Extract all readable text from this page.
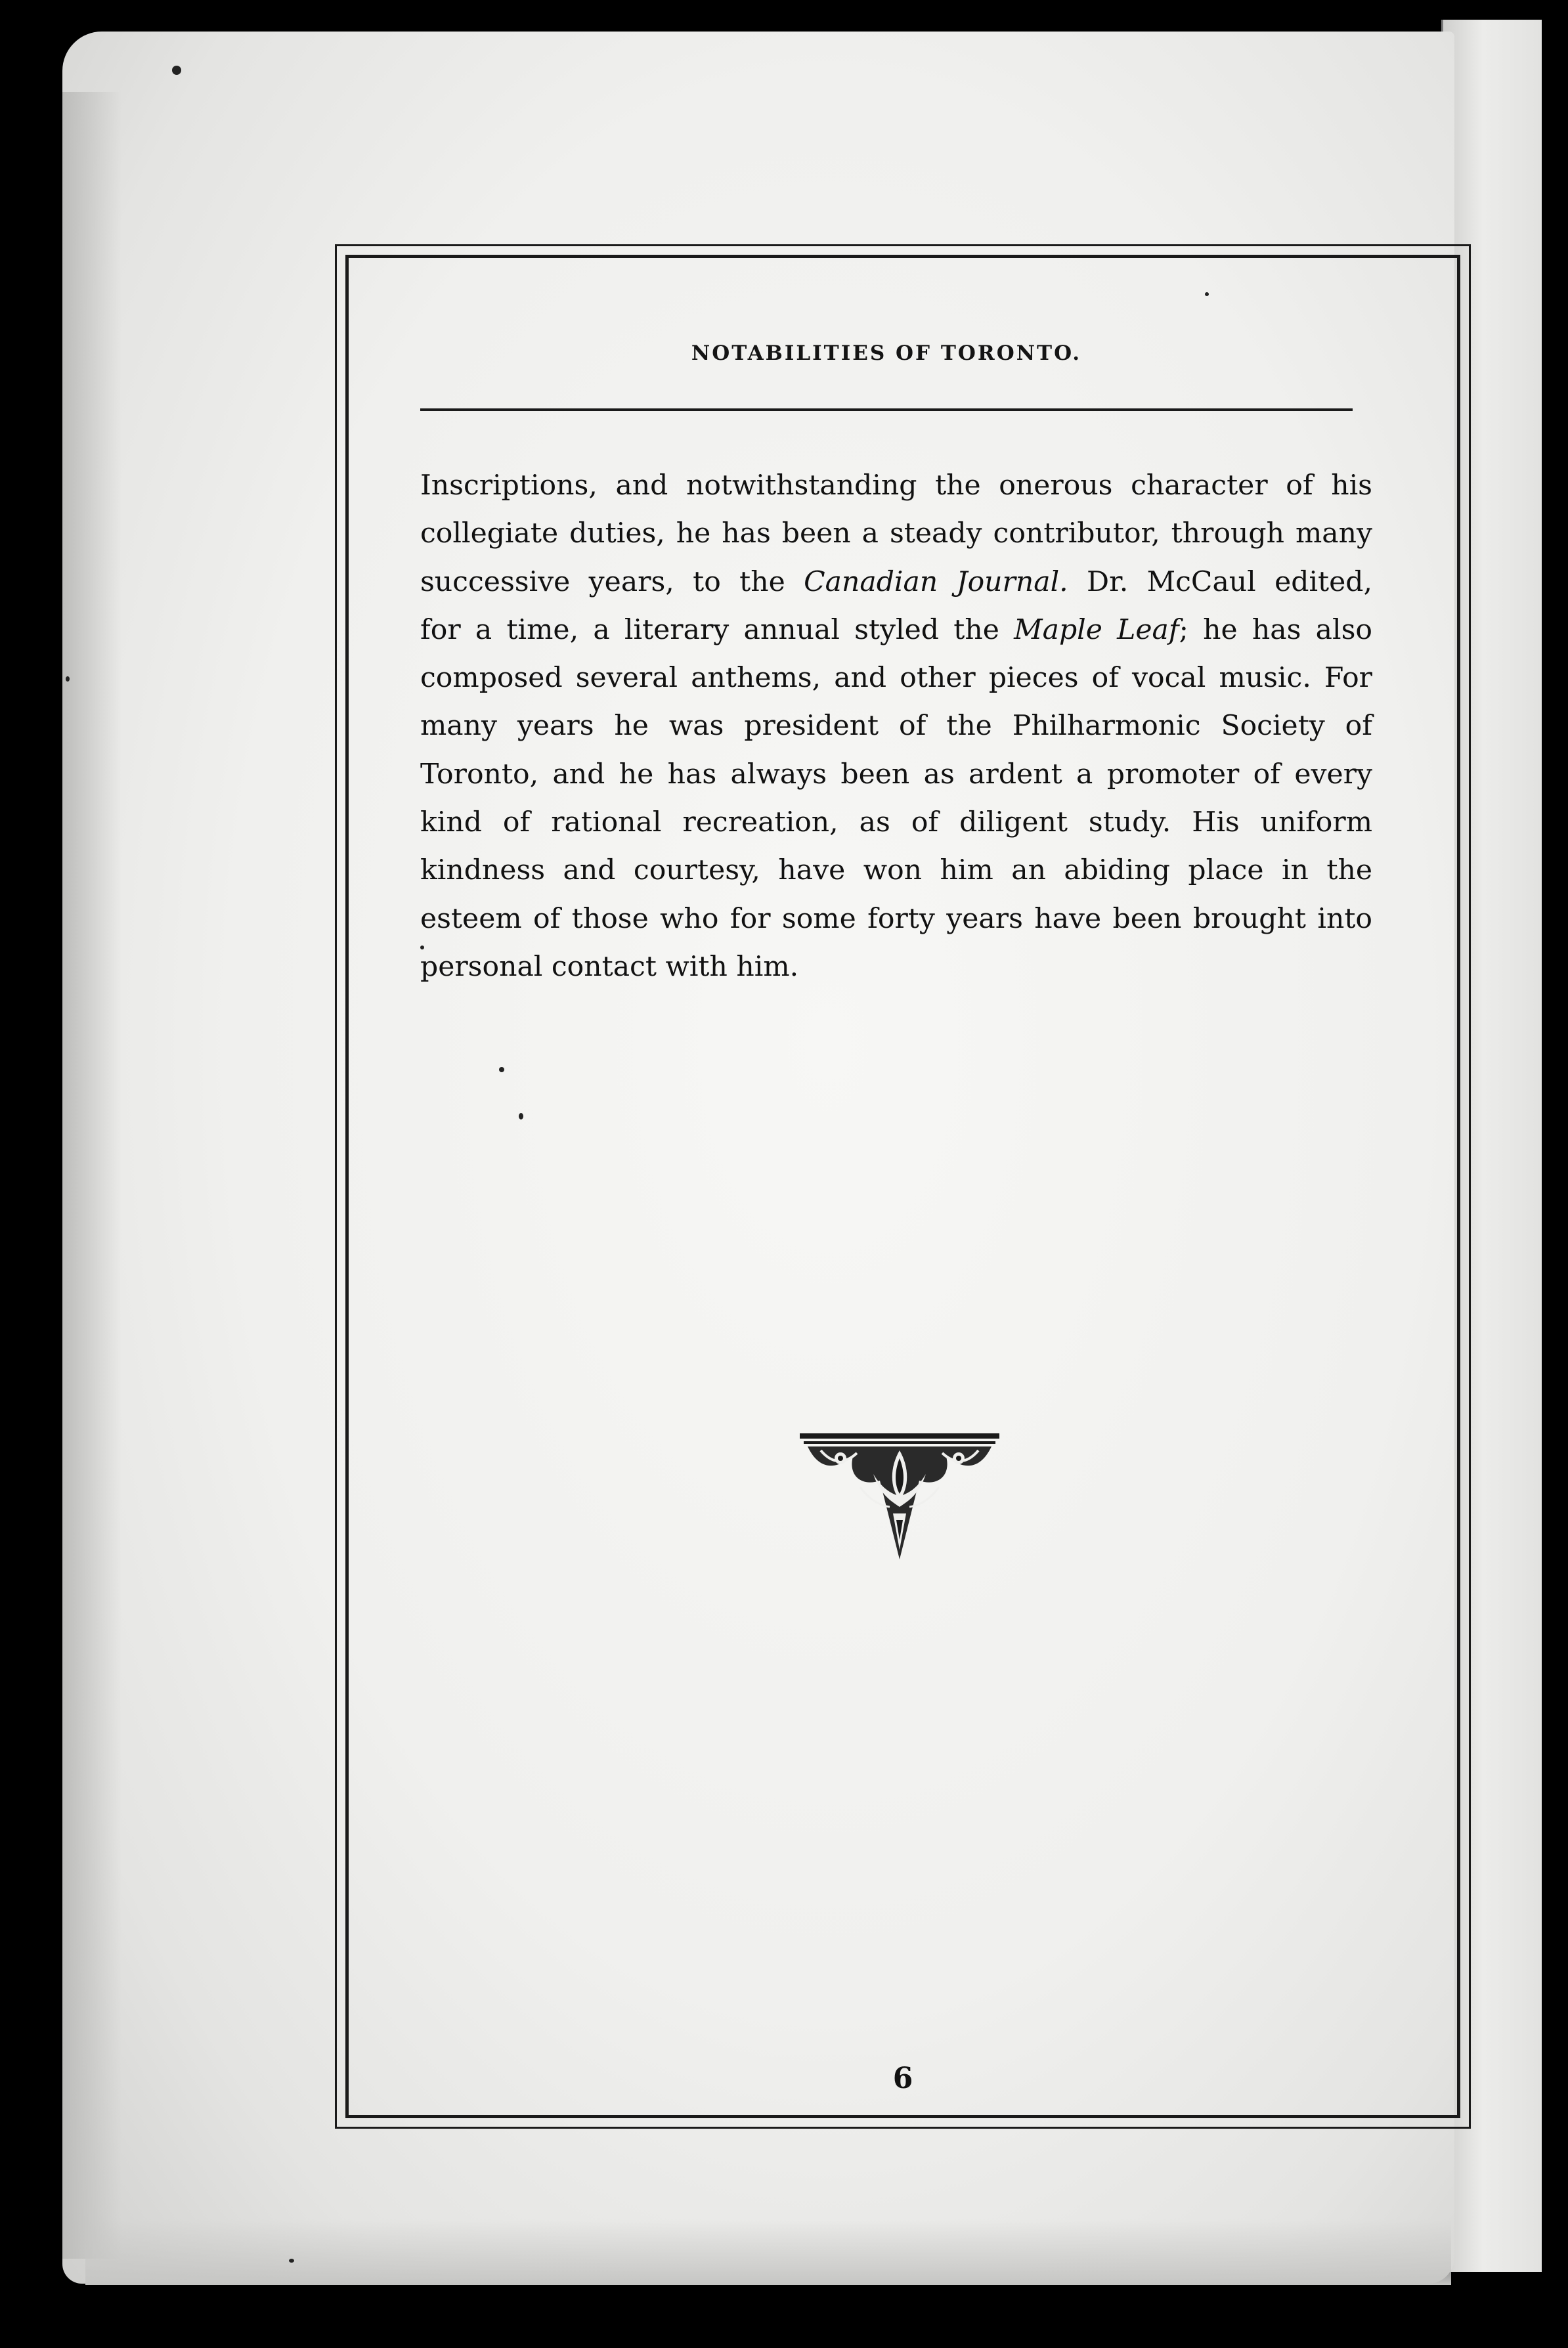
NOTABILITIES OF TORONTO.

Inscriptions, and notwithstanding the onerous character of his
collegiate duties, he has been a steady contributor, through many
successive years, to the Canadian Journal. Dr. McCaul edited,
for a time, a literary annual styled the Maple Leaf; he has also
composed several anthems, and other pieces of vocal music. For
many years he was president of the Philharmonic Society of
Toronto, and he has always been as ardent a promoter of every
kind of rational recreation, as of diligent study. His uniform
kindness and courtesy, have won him an abiding place in the
esteem of those who for some forty years have been brought into
personal contact with him.

6
